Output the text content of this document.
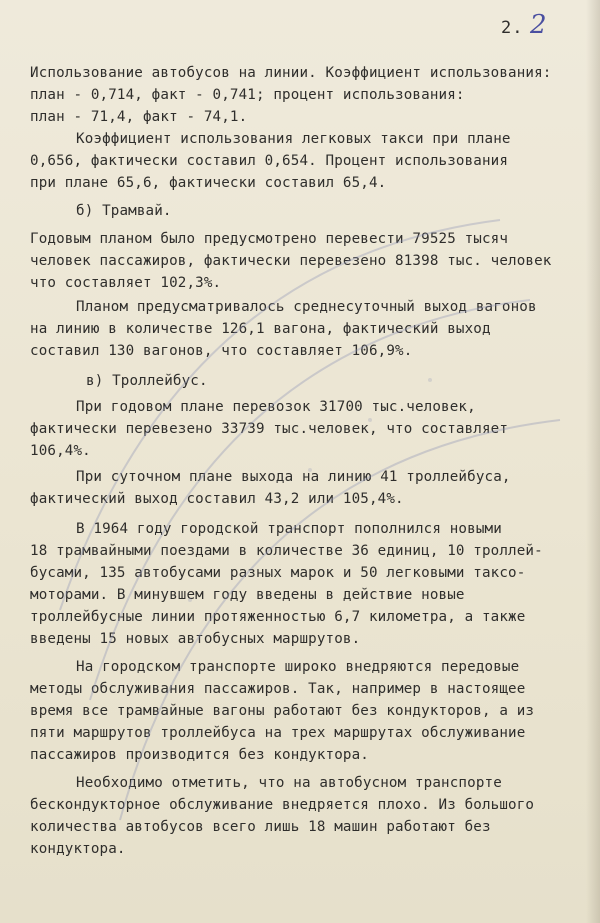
2. 2
Использование автобусов на линии. Коэффициент использования:
план - 0,714, факт - 0,741; процент использования:
план - 71,4, факт - 74,1.
Коэффициент использования легковых такси при плане
0,656, фактически составил 0,654. Процент использования
при плане 65,6, фактически составил 65,4.
б) Трамвай.
Годовым планом было предусмотрено перевести 79525 тысяч
человек пассажиров, фактически перевезено 81398 тыс. человек
что составляет 102,3%.
Планом предусматривалось среднесуточный выход вагонов
на линию в количестве 126,1 вагона, фактический выход
составил 130 вагонов, что составляет 106,9%.
в) Троллейбус.
При годовом плане перевозок 31700 тыс.человек,
фактически перевезено 33739 тыс.человек, что составляет
106,4%.
При суточном плане выхода на линию 41 троллейбуса,
фактический выход составил 43,2 или 105,4%.
В 1964 году городской транспорт пополнился новыми
18 трамвайными поездами в количестве 36 единиц, 10 троллей-
бусами, 135 автобусами разных марок и 50 легковыми таксо-
моторами. В минувшем году введены в действие новые
троллейбусные линии протяженностью 6,7 километра, а также
введены 15 новых автобусных маршрутов.
На городском транспорте широко внедряются передовые
методы обслуживания пассажиров. Так, например в настоящее
время все трамвайные вагоны работают без кондукторов, а из
пяти маршрутов троллейбуса на трех маршрутах обслуживание
пассажиров производится без кондуктора.
Необходимо отметить, что на автобусном транспорте
бескондукторное обслуживание внедряется плохо. Из большого
количества автобусов всего лишь 18 машин работают без
кондуктора.
